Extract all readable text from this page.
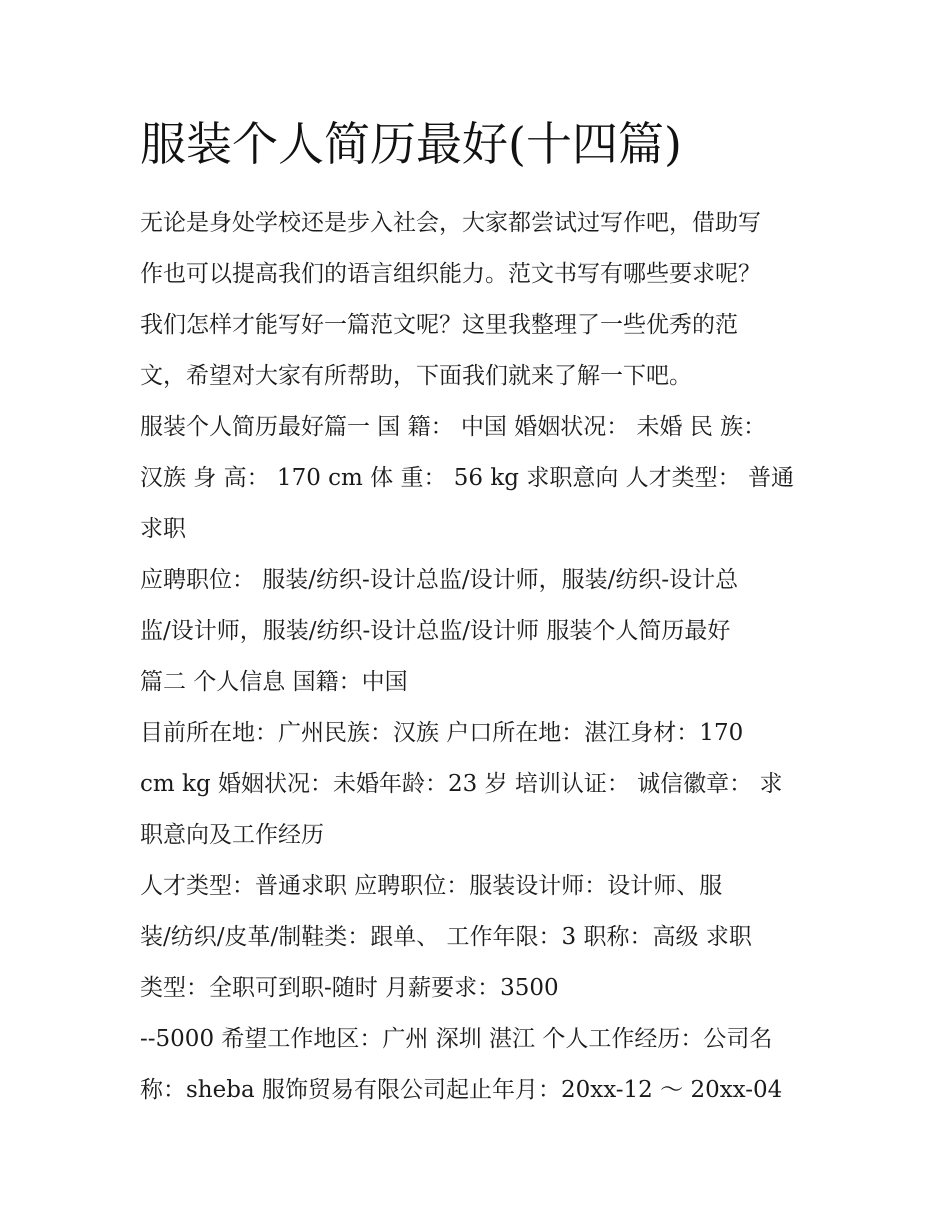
服装个人简历最好(十四篇)
无论是身处学校还是步入社会，大家都尝试过写作吧，借助写
作也可以提高我们的语言组织能力。范文书写有哪些要求呢？
我们怎样才能写好一篇范文呢？这里我整理了一些优秀的范
文，希望对大家有所帮助，下面我们就来了解一下吧。
服装个人简历最好篇一 国 籍： 中国 婚姻状况： 未婚 民 族：
汉族 身 高： 170 cm 体 重： 56 kg 求职意向 人才类型： 普通
求职
应聘职位： 服装/纺织-设计总监/设计师，服装/纺织-设计总
监/设计师，服装/纺织-设计总监/设计师 服装个人简历最好
篇二 个人信息 国籍：中国
目前所在地：广州民族：汉族 户口所在地：湛江身材：170
cm kg 婚姻状况：未婚年龄：23 岁 培训认证： 诚信徽章： 求
职意向及工作经历
人才类型：普通求职 应聘职位：服装设计师：设计师、服
装/纺织/皮革/制鞋类：跟单、 工作年限：3 职称：高级 求职
类型：全职可到职-随时 月薪要求：3500
--5000 希望工作地区：广州 深圳 湛江 个人工作经历：公司名
称：sheba 服饰贸易有限公司起止年月：20xx-12 ～ 20xx-04
